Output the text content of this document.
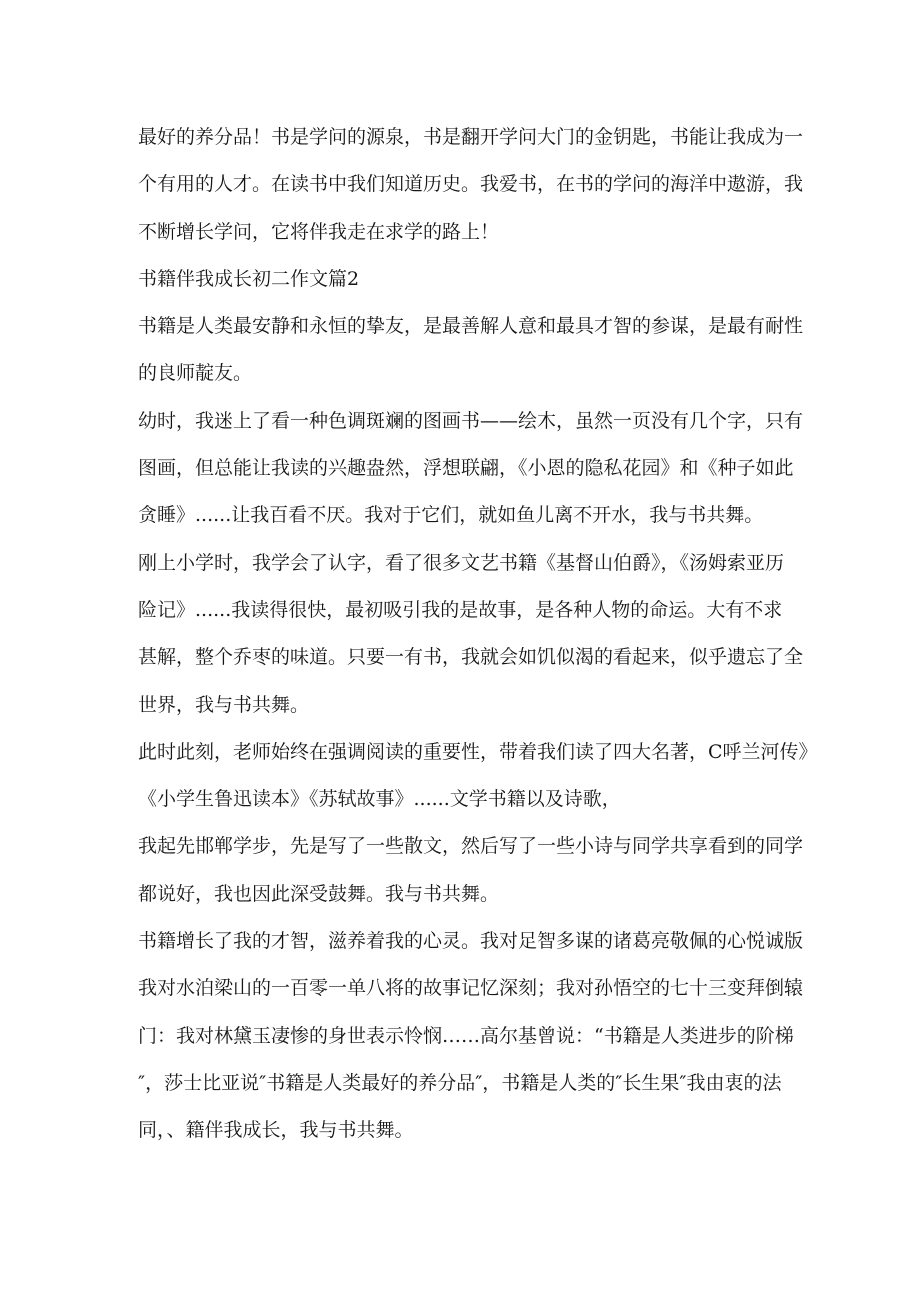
最好的养分品！书是学问的源泉，书是翻开学问大门的金钥匙，书能让我成为一
个有用的人才。在读书中我们知道历史。我爱书，在书的学问的海洋中遨游，我
不断增长学问，它将伴我走在求学的路上！
书籍伴我成长初二作文篇2
书籍是人类最安静和永恒的挚友，是最善解人意和最具才智的参谋，是最有耐性
的良师靛友。
幼时，我迷上了看一种色调斑斓的图画书——绘木，虽然一页没有几个字，只有
图画，但总能让我读的兴趣盎然，浮想联翩，《小恩的隐私花园》和《种子如此
贪睡》......让我百看不厌。我对于它们，就如鱼儿离不开水，我与书共舞。
刚上小学时，我学会了认字，看了很多文艺书籍《基督山伯爵》，《汤姆索亚历
险记》......我读得很快，最初吸引我的是故事，是各种人物的命运。大有不求
甚解，整个乔枣的味道。只要一有书，我就会如饥似渴的看起来，似乎遗忘了全
世界，我与书共舞。
此时此刻，老师始终在强调阅读的重要性，带着我们读了四大名著，C呼兰河传》
《小学生鲁迅读本》《苏轼故事》......文学书籍以及诗歌，
我起先邯郸学步，先是写了一些散文，然后写了一些小诗与同学共享看到的同学
都说好，我也因此深受鼓舞。我与书共舞。
书籍增长了我的才智，滋养着我的心灵。我对足智多谋的诸葛亮敬佩的心悦诚版
我对水泊梁山的一百零一单八将的故事记忆深刻；我对孙悟空的七十三变拜倒辕
门：我对林黛玉凄惨的身世表示怜悯……高尔基曾说：“书籍是人类进步的阶梯
″，莎士比亚说″书籍是人类最好的养分品″，书籍是人类的″长生果″我由衷的法
同，、籍伴我成长，我与书共舞。
